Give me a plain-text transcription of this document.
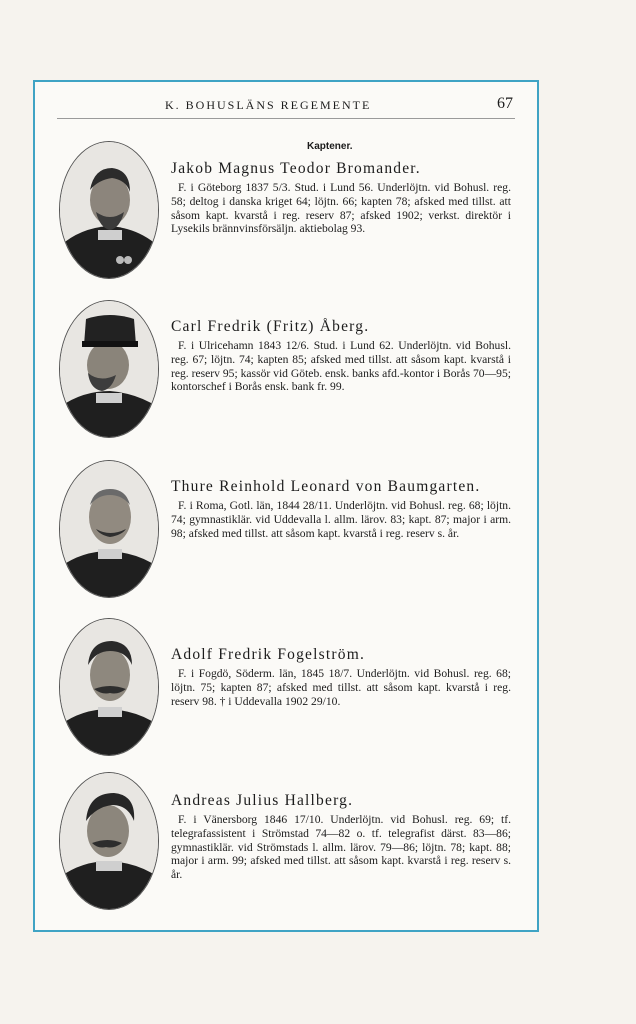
K. BOHUSLÄNS REGEMENTE	67
Kaptener.
Jakob Magnus Teodor Bromander.
F. i Göteborg 1837 5/3. Stud. i Lund 56. Underlöjtn. vid Bohusl. reg. 58; deltog i danska kriget 64; löjtn. 66; kapten 78; afsked med tillst. att såsom kapt. kvarstå i reg. reserv 87; afsked 1902; verkst. direktör i Lysekils brännvinsförsäljn. aktiebolag 93.
Carl Fredrik (Fritz) Åberg.
F. i Ulricehamn 1843 12/6. Stud. i Lund 62. Underlöjtn. vid Bohusl. reg. 67; löjtn. 74; kapten 85; afsked med tillst. att såsom kapt. kvarstå i reg. reserv 95; kassör vid Göteb. ensk. banks afd.-kontor i Borås 70—95; kontorschef i Borås ensk. bank fr. 99.
Thure Reinhold Leonard von Baumgarten.
F. i Roma, Gotl. län, 1844 28/11. Underlöjtn. vid Bohusl. reg. 68; löjtn. 74; gymnastiklär. vid Uddevalla l. allm. lärov. 83; kapt. 87; major i arm. 98; afsked med tillst. att såsom kapt. kvarstå i reg. reserv s. år.
Adolf Fredrik Fogelström.
F. i Fogdö, Söderm. län, 1845 18/7. Underlöjtn. vid Bohusl. reg. 68; löjtn. 75; kapten 87; afsked med tillst. att såsom kapt. kvarstå i reg. reserv 98. † i Uddevalla 1902 29/10.
Andreas Julius Hallberg.
F. i Vänersborg 1846 17/10. Underlöjtn. vid Bohusl. reg. 69; tf. telegrafassistent i Strömstad 74—82 o. tf. telegrafist därst. 83—86; gymnastiklär. vid Strömstads l. allm. lärov. 79—86; löjtn. 78; kapt. 88; major i arm. 99; afsked med tillst. att såsom kapt. kvarstå i reg. reserv s. år.
